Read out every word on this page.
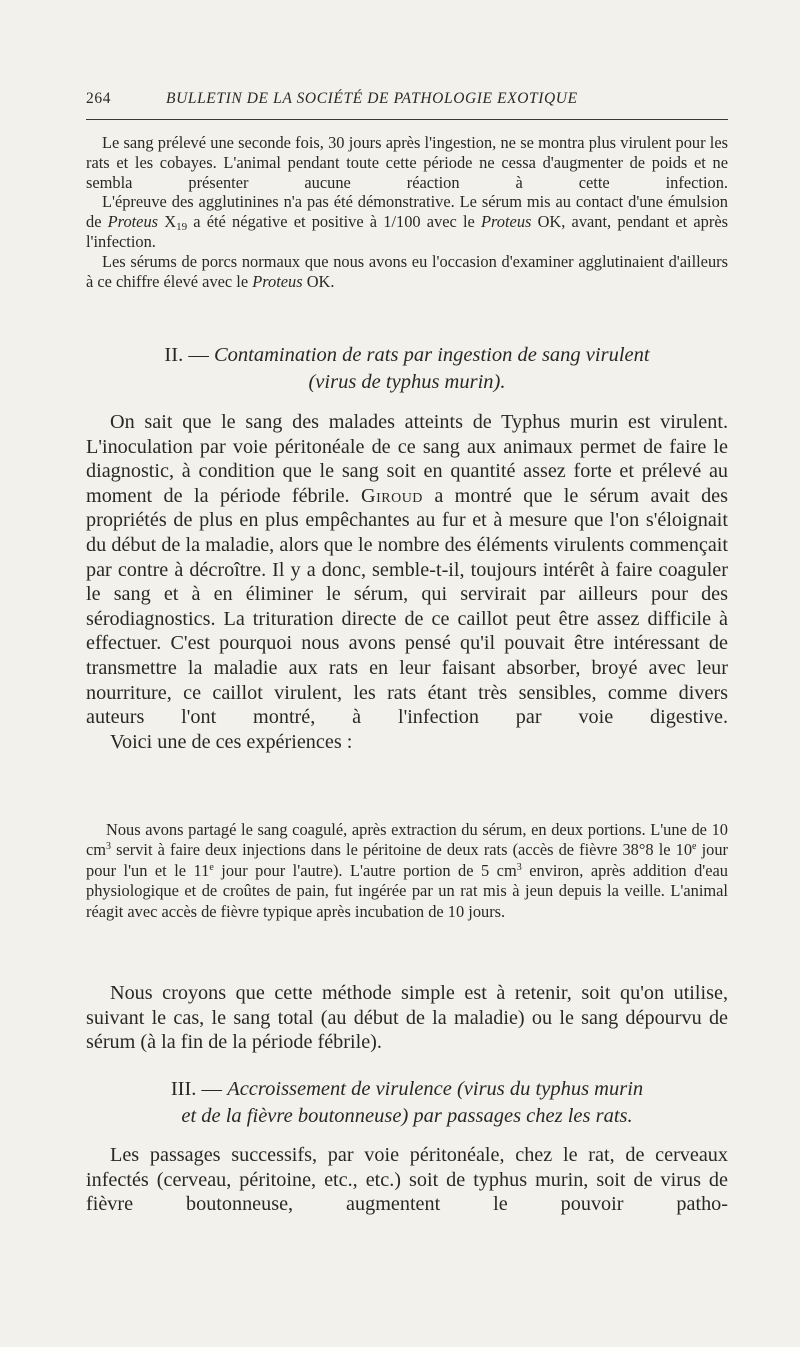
264	BULLETIN DE LA SOCIÉTÉ DE PATHOLOGIE EXOTIQUE

Le sang prélevé une seconde fois, 30 jours après l'ingestion, ne se montra plus virulent pour les rats et les cobayes. L'animal pendant toute cette période ne cessa d'augmenter de poids et ne sembla présenter aucune réaction à cette infection.

L'épreuve des agglutinines n'a pas été démonstrative. Le sérum mis au contact d'une émulsion de Proteus $X_{19}$ a été négative et positive à 1/100 avec le Proteus OK, avant, pendant et après l'infection.

Les sérums de porcs normaux que nous avons eu l'occasion d'examiner agglutinaient d'ailleurs à ce chiffre élevé avec le Proteus OK.

II. — Contamination de rats par ingestion de sang virulent
(virus de typhus murin).

On sait que le sang des malades atteints de Typhus murin est virulent. L'inoculation par voie péritonéale de ce sang aux animaux permet de faire le diagnostic, à condition que le sang soit en quantité assez forte et prélevé au moment de la période fébrile. Giroud a montré que le sérum avait des propriétés de plus en plus empêchantes au fur et à mesure que l'on s'éloignait du début de la maladie, alors que le nombre des éléments virulents commençait par contre à décroître. Il y a donc, semble-t-il, toujours intérêt à faire coaguler le sang et à en éliminer le sérum, qui servirait par ailleurs pour des sérodiagnostics. La trituration directe de ce caillot peut être assez difficile à effectuer. C'est pourquoi nous avons pensé qu'il pouvait être intéressant de transmettre la maladie aux rats en leur faisant absorber, broyé avec leur nourriture, ce caillot virulent, les rats étant très sensibles, comme divers auteurs l'ont montré, à l'infection par voie digestive.

Voici une de ces expériences :

Nous avons partagé le sang coagulé, après extraction du sérum, en deux portions. L'une de 10 $cm^3$ servit à faire deux injections dans le péritoine de deux rats (accès de fièvre 38°8 le 10e jour pour l'un et le 11e jour pour l'autre). L'autre portion de 5 $cm^3$ environ, après addition d'eau physiologique et de croûtes de pain, fut ingérée par un rat mis à jeun depuis la veille. L'animal réagit avec accès de fièvre typique après incubation de 10 jours.

Nous croyons que cette méthode simple est à retenir, soit qu'on utilise, suivant le cas, le sang total (au début de la maladie) ou le sang dépourvu de sérum (à la fin de la période fébrile).

III. — Accroissement de virulence (virus du typhus murin
et de la fièvre boutonneuse) par passages chez les rats.

Les passages successifs, par voie péritonéale, chez le rat, de cerveaux infectés (cerveau, péritoine, etc., etc.) soit de typhus murin, soit de virus de fièvre boutonneuse, augmentent le pouvoir patho-
